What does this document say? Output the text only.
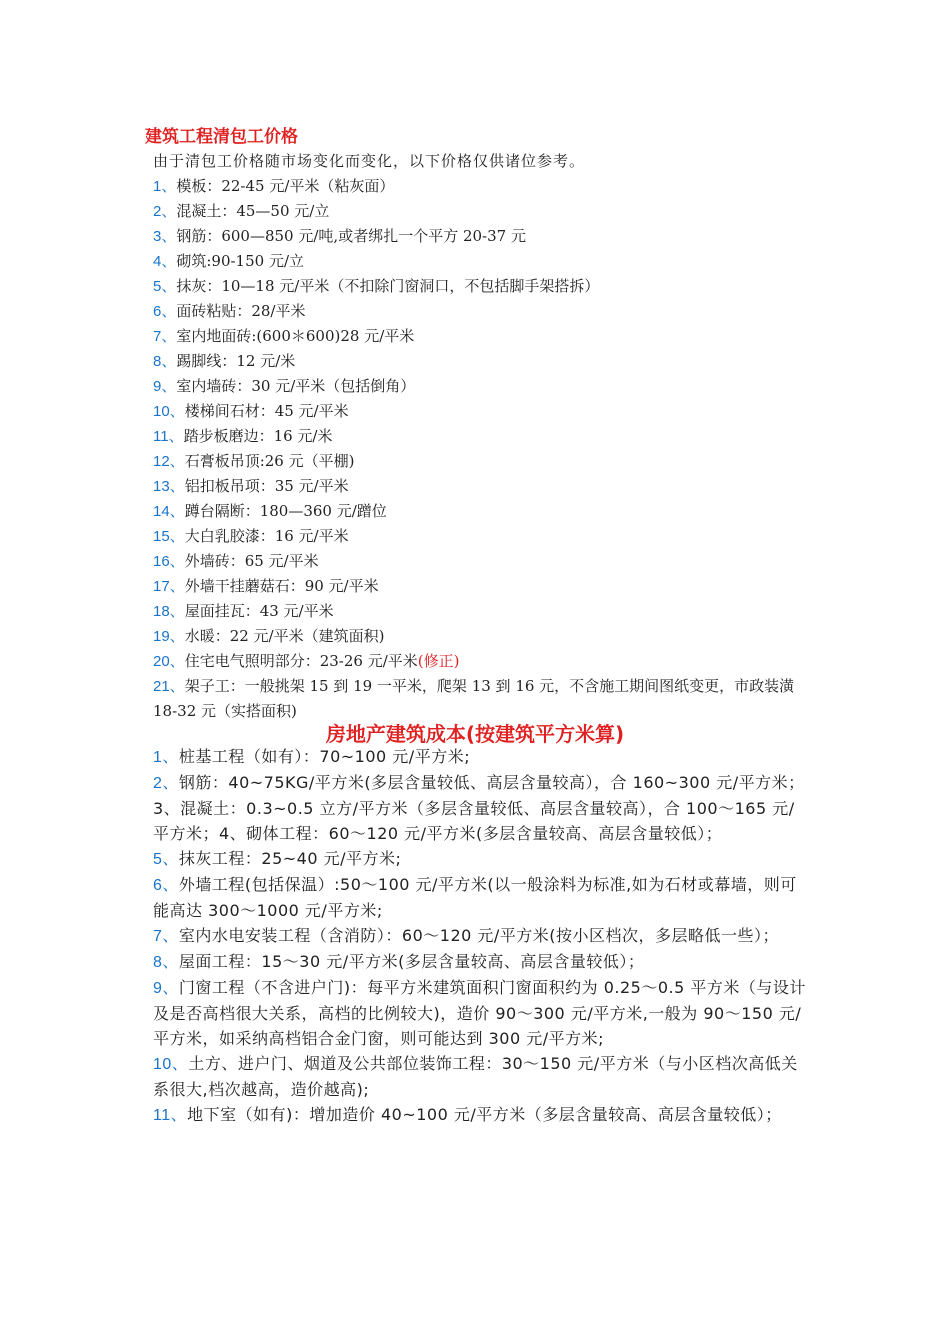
建筑工程清包工价格
由于清包工价格随市场变化而变化，以下价格仅供诸位参考。
1、模板：22-45 元/平米（粘灰面）
2、混凝土：45—50 元/立
3、钢筋：600—850 元/吨,或者绑扎一个平方 20-37 元
4、砌筑:90-150 元/立
5、抹灰：10—18 元/平米（不扣除门窗洞口，不包括脚手架搭拆）
6、面砖粘贴：28/平米
7、室内地面砖:(600＊600)28 元/平米
8、踢脚线：12 元/米
9、室内墙砖：30 元/平米（包括倒角）
10、楼梯间石材：45 元/平米
11、踏步板磨边：16 元/米
12、石膏板吊顶:26 元（平棚)
13、铝扣板吊项：35 元/平米
14、蹲台隔断：180—360 元/蹭位
15、大白乳胶漆：16 元/平米
16、外墙砖：65 元/平米
17、外墙干挂蘑菇石：90 元/平米
18、屋面挂瓦：43 元/平米
19、水暖：22 元/平米（建筑面积)
20、住宅电气照明部分：23-26 元/平米(修正)
21、架子工：一般挑架 15 到 19 一平米，爬架 13 到 16 元，不含施工期间图纸变更，市政装潢 18-32 元（实搭面积)
房地产建筑成本(按建筑平方米算)
1、桩基工程（如有）：70~100 元/平方米;
2、钢筋：40~75KG/平方米(多层含量较低、高层含量较高），合 160~300 元/平方米；3、混凝土：0.3~0.5 立方/平方米（多层含量较低、高层含量较高），合 100～165 元/平方米；4、砌体工程：60～120 元/平方米(多层含量较高、高层含量较低）；
5、抹灰工程：25~40 元/平方米;
6、外墙工程(包括保温）:50～100 元/平方米(以一般涂料为标准,如为石材或幕墙，则可能高达 300～1000 元/平方米;
7、室内水电安装工程（含消防）：60～120 元/平方米(按小区档次，多层略低一些）；
8、屋面工程：15～30 元/平方米(多层含量较高、高层含量较低）；
9、门窗工程（不含进户门)：每平方米建筑面积门窗面积约为 0.25～0.5 平方米（与设计及是否高档很大关系，高档的比例较大)，造价 90～300 元/平方米,一般为 90～150 元/平方米，如采纳高档铝合金门窗，则可能达到 300 元/平方米;
10、土方、进户门、烟道及公共部位装饰工程：30～150 元/平方米（与小区档次高低关系很大,档次越高，造价越高);
11、地下室（如有)：增加造价 40~100 元/平方米（多层含量较高、高层含量较低）；
